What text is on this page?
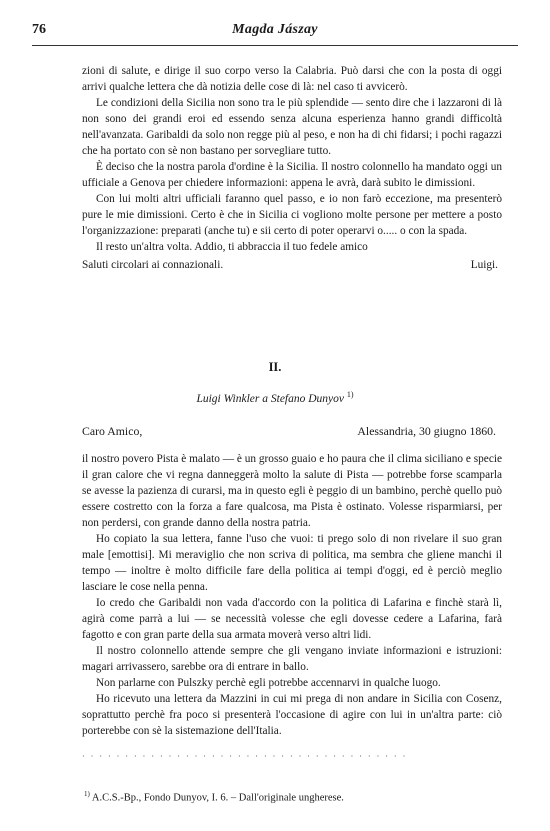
76	Magda Jászay

zioni di salute, e dirige il suo corpo verso la Calabria. Può darsi che con la posta di oggi arrivi qualche lettera che dà notizia delle cose di là: nel caso ti avvicerò.

Le condizioni della Sicilia non sono tra le più splendide — sento dire che i lazzaroni di là non sono dei grandi eroi ed essendo senza alcuna esperienza hanno grandi difficoltà nell'avanzata. Garibaldi da solo non regge più al peso, e non ha di chi fidarsi; i pochi ragazzi che ha portato con sè non bastano per sorvegliare tutto.

È deciso che la nostra parola d'ordine è la Sicilia. Il nostro colonnello ha mandato oggi un ufficiale a Genova per chiedere informazioni: appena le avrà, darà subito le dimissioni.

Con lui molti altri ufficiali faranno quel passo, e io non farò eccezione, ma presenterò pure le mie dimissioni. Certo è che in Sicilia ci vogliono molte persone per mettere a posto l'organizzazione: preparati (anche tu) e sii certo di poter operarvi o..... o con la spada.

Il resto un'altra volta. Addio, ti abbraccia il tuo fedele amico

Saluti circolari ai connazionali.	Luigi.
II.
Luigi Winkler a Stefano Dunyov $^{1)}$
Caro Amico,	Alessandria, 30 giugno 1860.

il nostro povero Pista è malato — è un grosso guaio e ho paura che il clima siciliano e specie il gran calore che vi regna danneggerà molto la salute di Pista — potrebbe forse scamparla se avesse la pazienza di curarsi, ma in questo egli è peggio di un bambino, perchè quello può essere costretto con la forza a fare qualcosa, ma Pista è ostinato. Volesse risparmiarsi, per non perdersi, con grande danno della nostra patria.

Ho copiato la sua lettera, fanne l'uso che vuoi: ti prego solo di non rivelare il suo gran male [emottisi]. Mi meraviglio che non scriva di politica, ma sembra che gliene manchi il tempo — inoltre è molto difficile fare della politica ai tempi d'oggi, ed è perciò meglio lasciare le cose nella penna.

Io credo che Garibaldi non vada d'accordo con la politica di Lafarina e finchè starà lì, agirà come parrà a lui — se necessità volesse che egli dovesse cedere a Lafarina, farà fagotto e con gran parte della sua armata moverà verso altri lidi.

Il nostro colonnello attende sempre che gli vengano inviate informazioni e istruzioni: magari arrivassero, sarebbe ora di entrare in ballo.

Non parlarne con Pulszky perchè egli potrebbe accennarvi in qualche luogo.

Ho ricevuto una lettera da Mazzini in cui mi prega di non andare in Sicilia con Cosenz, soprattutto perchè fra poco si presenterà l'occasione di agire con lui in un'altra parte: ciò porterebbe con sè la sistemazione dell'Italia.

· · · · · · · · · · · · · · · · · · · · · · · · · · · · · · · · · · · · · ·
$^{1)}$ A.C.S.-Bp., Fondo Dunyov, I. 6. – Dall'originale ungherese.
